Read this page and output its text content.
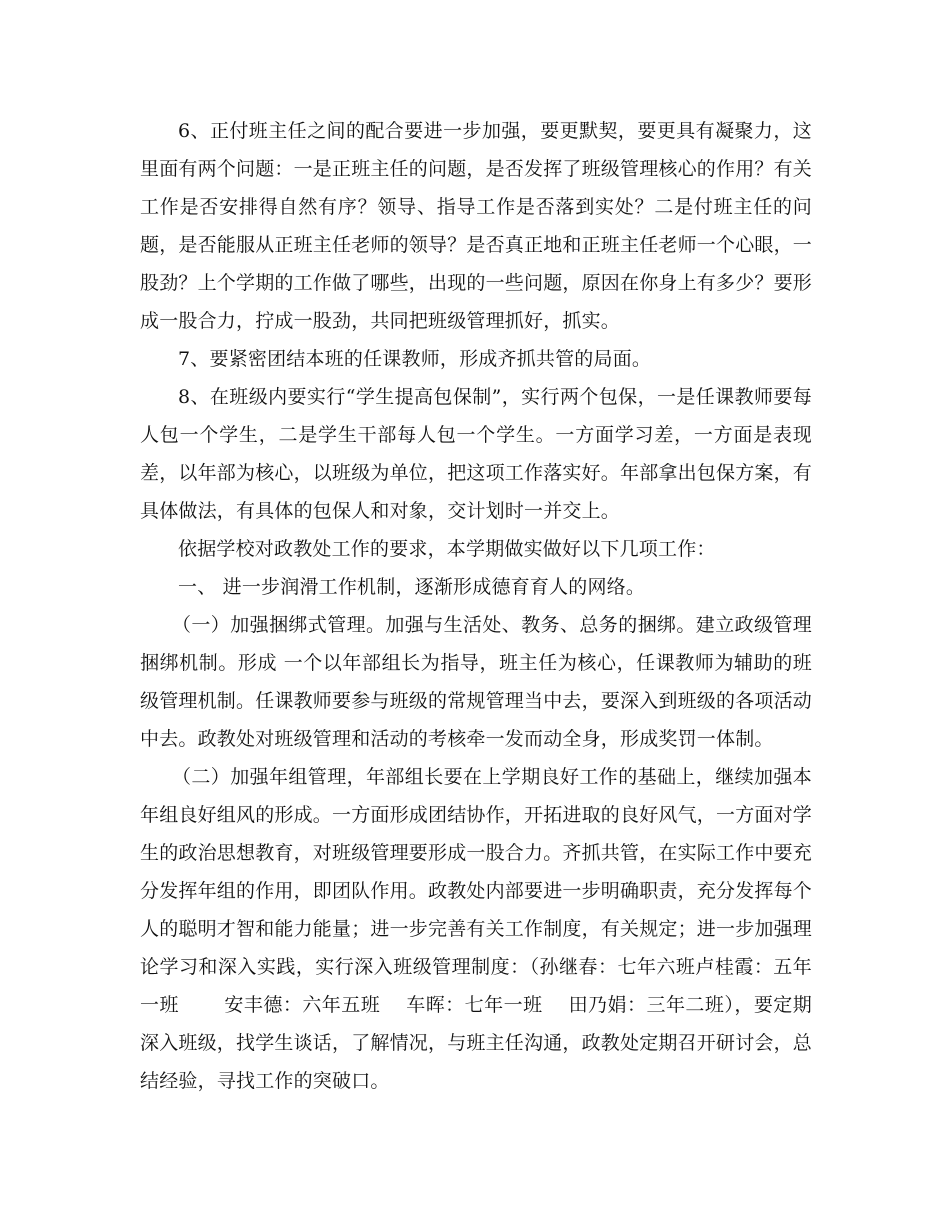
6、正付班主任之间的配合要进一步加强，要更默契，要更具有凝聚力，这里面有两个问题：一是正班主任的问题，是否发挥了班级管理核心的作用？有关工作是否安排得自然有序？领导、指导工作是否落到实处？二是付班主任的问题，是否能服从正班主任老师的领导？是否真正地和正班主任老师一个心眼，一股劲？上个学期的工作做了哪些，出现的一些问题，原因在你身上有多少？要形成一股合力，拧成一股劲，共同把班级管理抓好，抓实。

7、要紧密团结本班的任课教师，形成齐抓共管的局面。

8、在班级内要实行“学生提高包保制”，实行两个包保，一是任课教师要每人包一个学生，二是学生干部每人包一个学生。一方面学习差，一方面是表现差，以年部为核心，以班级为单位，把这项工作落实好。年部拿出包保方案，有具体做法，有具体的包保人和对象，交计划时一并交上。

依据学校对政教处工作的要求，本学期做实做好以下几项工作：

一、 进一步润滑工作机制，逐渐形成德育育人的网络。

（一）加强捆绑式管理。加强与生活处、教务、总务的捆绑。建立政级管理捆绑机制。形成 一个以年部组长为指导，班主任为核心，任课教师为辅助的班级管理机制。任课教师要参与班级的常规管理当中去，要深入到班级的各项活动中去。政教处对班级管理和活动的考核牵一发而动全身，形成奖罚一体制。

（二）加强年组管理，年部组长要在上学期良好工作的基础上，继续加强本年组良好组风的形成。一方面形成团结协作，开拓进取的良好风气，一方面对学生的政治思想教育，对班级管理要形成一股合力。齐抓共管，在实际工作中要充分发挥年组的作用，即团队作用。政教处内部要进一步明确职责，充分发挥每个人的聪明才智和能力能量；进一步完善有关工作制度，有关规定；进一步加强理论学习和深入实践，实行深入班级管理制度：（孙继春：七年六班卢桂霞：五年一班　　 安丰德：六年五班　 车晖：七年一班　 田乃娟：三年二班），要定期深入班级，找学生谈话，了解情况，与班主任沟通，政教处定期召开研讨会，总结经验，寻找工作的突破口。
